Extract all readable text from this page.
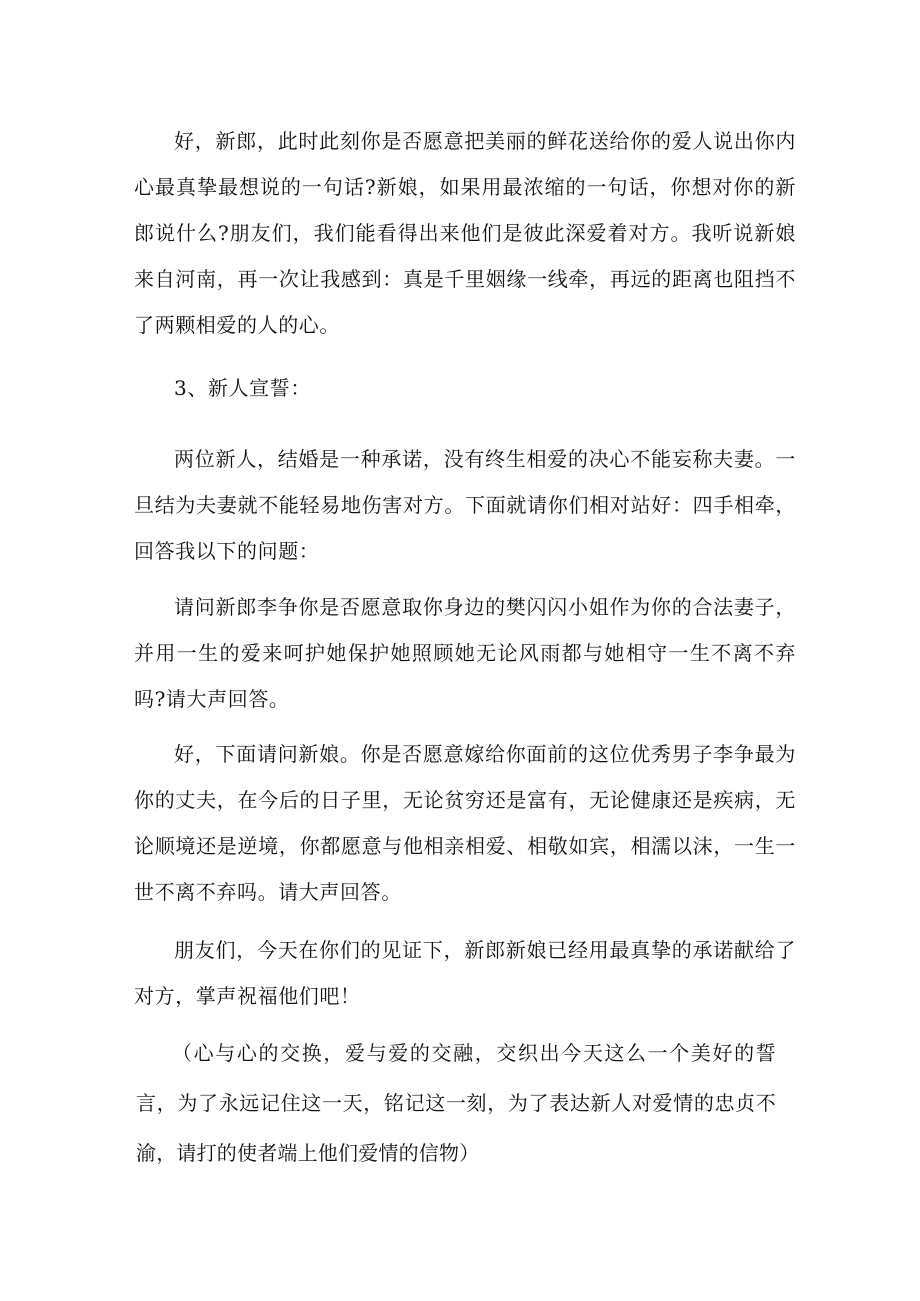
好，新郎，此时此刻你是否愿意把美丽的鲜花送给你的爱人说出你内心最真挚最想说的一句话?新娘，如果用最浓缩的一句话，你想对你的新郎说什么?朋友们，我们能看得出来他们是彼此深爱着对方。我听说新娘来自河南，再一次让我感到：真是千里姻缘一线牵，再远的距离也阻挡不了两颗相爱的人的心。

3、新人宣誓：

两位新人，结婚是一种承诺，没有终生相爱的决心不能妄称夫妻。一旦结为夫妻就不能轻易地伤害对方。下面就请你们相对站好：四手相牵，回答我以下的问题：

请问新郎李争你是否愿意取你身边的樊闪闪小姐作为你的合法妻子，并用一生的爱来呵护她保护她照顾她无论风雨都与她相守一生不离不弃吗?请大声回答。

好，下面请问新娘。你是否愿意嫁给你面前的这位优秀男子李争最为你的丈夫，在今后的日子里，无论贫穷还是富有，无论健康还是疾病，无论顺境还是逆境，你都愿意与他相亲相爱、相敬如宾，相濡以沫，一生一世不离不弃吗。请大声回答。

朋友们，今天在你们的见证下，新郎新娘已经用最真挚的承诺献给了对方，掌声祝福他们吧！

（心与心的交换，爱与爱的交融，交织出今天这么一个美好的誓言，为了永远记住这一天，铭记这一刻，为了表达新人对爱情的忠贞不渝，请打的使者端上他们爱情的信物）
